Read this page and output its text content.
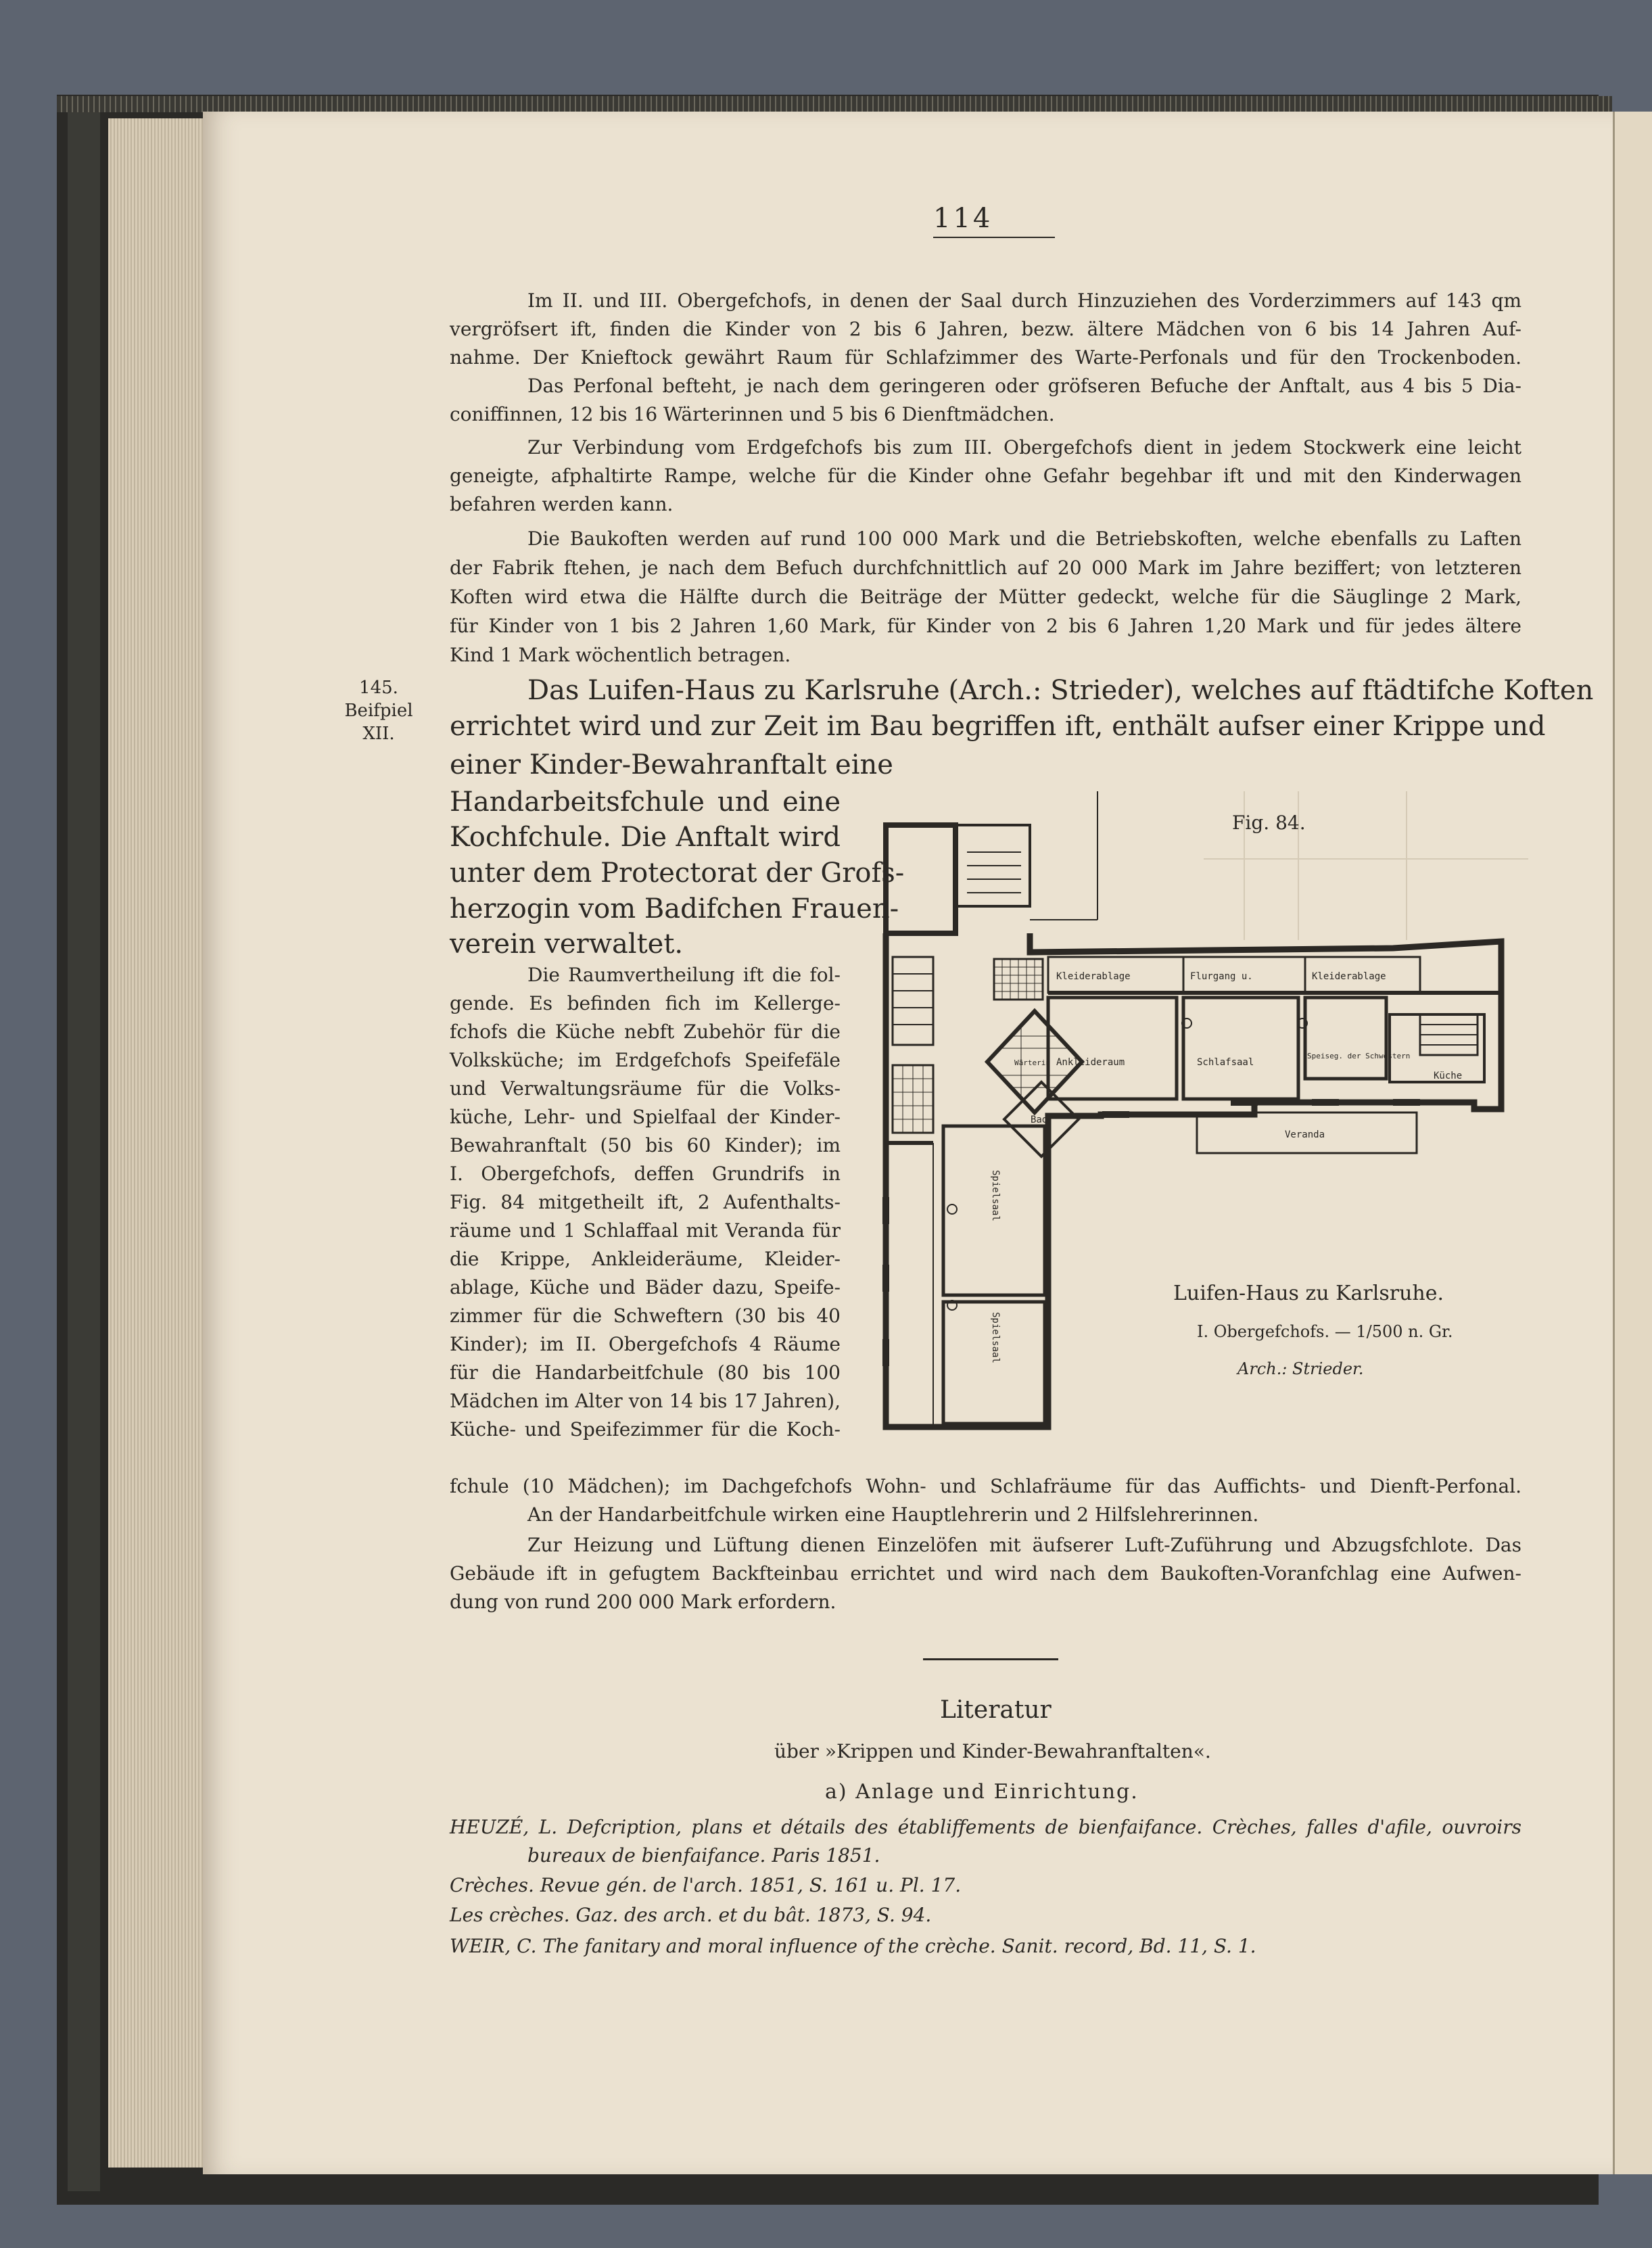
114
Im II. und III. Obergefchofs, in denen der Saal durch Hinzuziehen des Vorderzimmers auf 143 qm
vergröfsert ift, finden die Kinder von 2 bis 6 Jahren, bezw. ältere Mädchen von 6 bis 14 Jahren Auf-
nahme. Der Knieftock gewährt Raum für Schlafzimmer des Warte-Perfonals und für den Trockenboden.
Das Perfonal befteht, je nach dem geringeren oder gröfseren Befuche der Anftalt, aus 4 bis 5 Dia-
coniffinnen, 12 bis 16 Wärterinnen und 5 bis 6 Dienftmädchen.
Zur Verbindung vom Erdgefchofs bis zum III. Obergefchofs dient in jedem Stockwerk eine leicht
geneigte, afphaltirte Rampe, welche für die Kinder ohne Gefahr begehbar ift und mit den Kinderwagen
befahren werden kann.
Die Baukoften werden auf rund 100 000 Mark und die Betriebskoften, welche ebenfalls zu Laften
der Fabrik ftehen, je nach dem Befuch durchfchnittlich auf 20 000 Mark im Jahre beziffert; von letzteren
Koften wird etwa die Hälfte durch die Beiträge der Mütter gedeckt, welche für die Säuglinge 2 Mark,
für Kinder von 1 bis 2 Jahren 1,60 Mark, für Kinder von 2 bis 6 Jahren 1,20 Mark und für jedes ältere
Kind 1 Mark wöchentlich betragen.
145.
Beifpiel
XII.
Das Luifen-Haus zu Karlsruhe (Arch.: Strieder), welches auf ftädtifche Koften
errichtet wird und zur Zeit im Bau begriffen ift, enthält aufser einer Krippe und
einer Kinder-Bewahranftalt eine
Handarbeitsfchule und eine
Kochfchule. Die Anftalt wird
unter dem Protectorat der Grofs-
herzogin vom Badifchen Frauen-
verein verwaltet.
Die Raumvertheilung ift die fol-
gende. Es befinden fich im Kellerge-
fchofs die Küche nebft Zubehör für die
Volksküche; im Erdgefchofs Speifefäle
und Verwaltungsräume für die Volks-
küche, Lehr- und Spielfaal der Kinder-
Bewahranftalt (50 bis 60 Kinder); im
I. Obergefchofs, deffen Grundrifs in
Fig. 84 mitgetheilt ift, 2 Aufenthalts-
räume und 1 Schlaffaal mit Veranda für
die Krippe, Ankleideräume, Kleider-
ablage, Küche und Bäder dazu, Speife-
zimmer für die Schweftern (30 bis 40
Kinder); im II. Obergefchofs 4 Räume
für die Handarbeitfchule (80 bis 100
Mädchen im Alter von 14 bis 17 Jahren),
Küche- und Speifezimmer für die Koch-
fchule (10 Mädchen); im Dachgefchofs Wohn- und Schlafräume für das Auffichts- und Dienft-Perfonal.
An der Handarbeitfchule wirken eine Hauptlehrerin und 2 Hilfslehrerinnen.
Zur Heizung und Lüftung dienen Einzelöfen mit äufserer Luft-Zuführung und Abzugsfchlote. Das
Gebäude ift in gefugtem Backfteinbau errichtet und wird nach dem Baukoften-Voranfchlag eine Aufwen-
dung von rund 200 000 Mark erfordern.
Kleiderablage	Flurgang u.	Kleiderablage
Ankleideraum	Schlafsaal
Speiseg. der Schwestern
Küche
Veranda
Bad
Wärterin
Spielsaal
Spielsaal
Fig. 84.
Luifen-Haus zu Karlsruhe.
I. Obergefchofs. — 1/500 n. Gr.
Arch.: Strieder.
Literatur
über »Krippen und Kinder-Bewahranftalten«.
a) Anlage und Einrichtung.
HEUZÉ, L. Defcription, plans et détails des établiffements de bienfaifance. Crèches, falles d'afile, ouvroirs
bureaux de bienfaifance. Paris 1851.
Crèches. Revue gén. de l'arch. 1851, S. 161 u. Pl. 17.
Les crèches. Gaz. des arch. et du bât. 1873, S. 94.
WEIR, C. The fanitary and moral influence of the crèche. Sanit. record, Bd. 11, S. 1.
